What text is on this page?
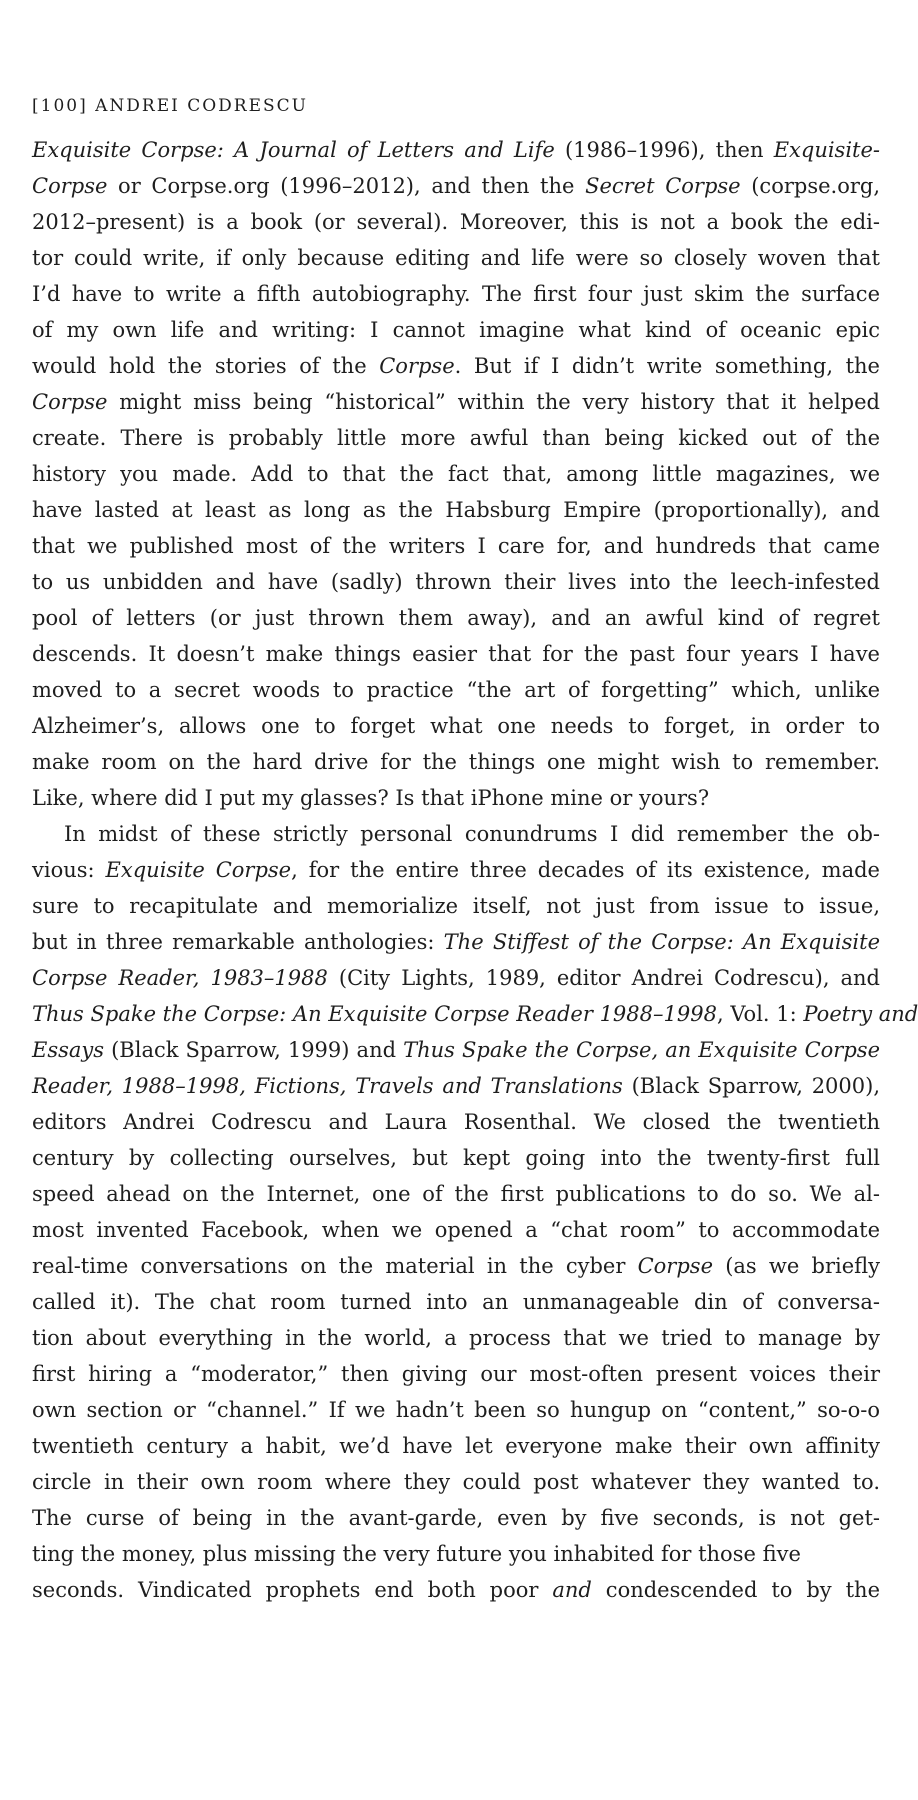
[100] ANDREI CODRESCU
Exquisite Corpse: A Journal of Letters and Life (1986–1996), then Exquisite-
Corpse or Corpse.org (1996–2012), and then the Secret Corpse (corpse.org,
2012–present) is a book (or several). Moreover, this is not a book the edi-
tor could write, if only because editing and life were so closely woven that
I’d have to write a fifth autobiography. The first four just skim the surface
of my own life and writing: I cannot imagine what kind of oceanic epic
would hold the stories of the Corpse. But if I didn’t write something, the
Corpse might miss being “historical” within the very history that it helped
create. There is probably little more awful than being kicked out of the
history you made. Add to that the fact that, among little magazines, we
have lasted at least as long as the Habsburg Empire (proportionally), and
that we published most of the writers I care for, and hundreds that came
to us unbidden and have (sadly) thrown their lives into the leech-infested
pool of letters (or just thrown them away), and an awful kind of regret
descends. It doesn’t make things easier that for the past four years I have
moved to a secret woods to practice “the art of forgetting” which, unlike
Alzheimer’s, allows one to forget what one needs to forget, in order to
make room on the hard drive for the things one might wish to remember.
Like, where did I put my glasses? Is that iPhone mine or yours?
In midst of these strictly personal conundrums I did remember the ob-
vious: Exquisite Corpse, for the entire three decades of its existence, made
sure to recapitulate and memorialize itself, not just from issue to issue,
but in three remarkable anthologies: The Stiffest of the Corpse: An Exquisite
Corpse Reader, 1983–1988 (City Lights, 1989, editor Andrei Codrescu), and
Thus Spake the Corpse: An Exquisite Corpse Reader 1988–1998, Vol. 1: Poetry and
Essays (Black Sparrow, 1999) and Thus Spake the Corpse, an Exquisite Corpse
Reader, 1988–1998, Fictions, Travels and Translations (Black Sparrow, 2000),
editors Andrei Codrescu and Laura Rosenthal. We closed the twentieth
century by collecting ourselves, but kept going into the twenty-first full
speed ahead on the Internet, one of the first publications to do so. We al-
most invented Facebook, when we opened a “chat room” to accommodate
real-time conversations on the material in the cyber Corpse (as we briefly
called it). The chat room turned into an unmanageable din of conversa-
tion about everything in the world, a process that we tried to manage by
first hiring a “moderator,” then giving our most-often present voices their
own section or “channel.” If we hadn’t been so hungup on “content,” so-o-o
twentieth century a habit, we’d have let everyone make their own affinity
circle in their own room where they could post whatever they wanted to.
The curse of being in the avant-garde, even by five seconds, is not get-
ting the money, plus missing the very future you inhabited for those five
seconds. Vindicated prophets end both poor and condescended to by the
